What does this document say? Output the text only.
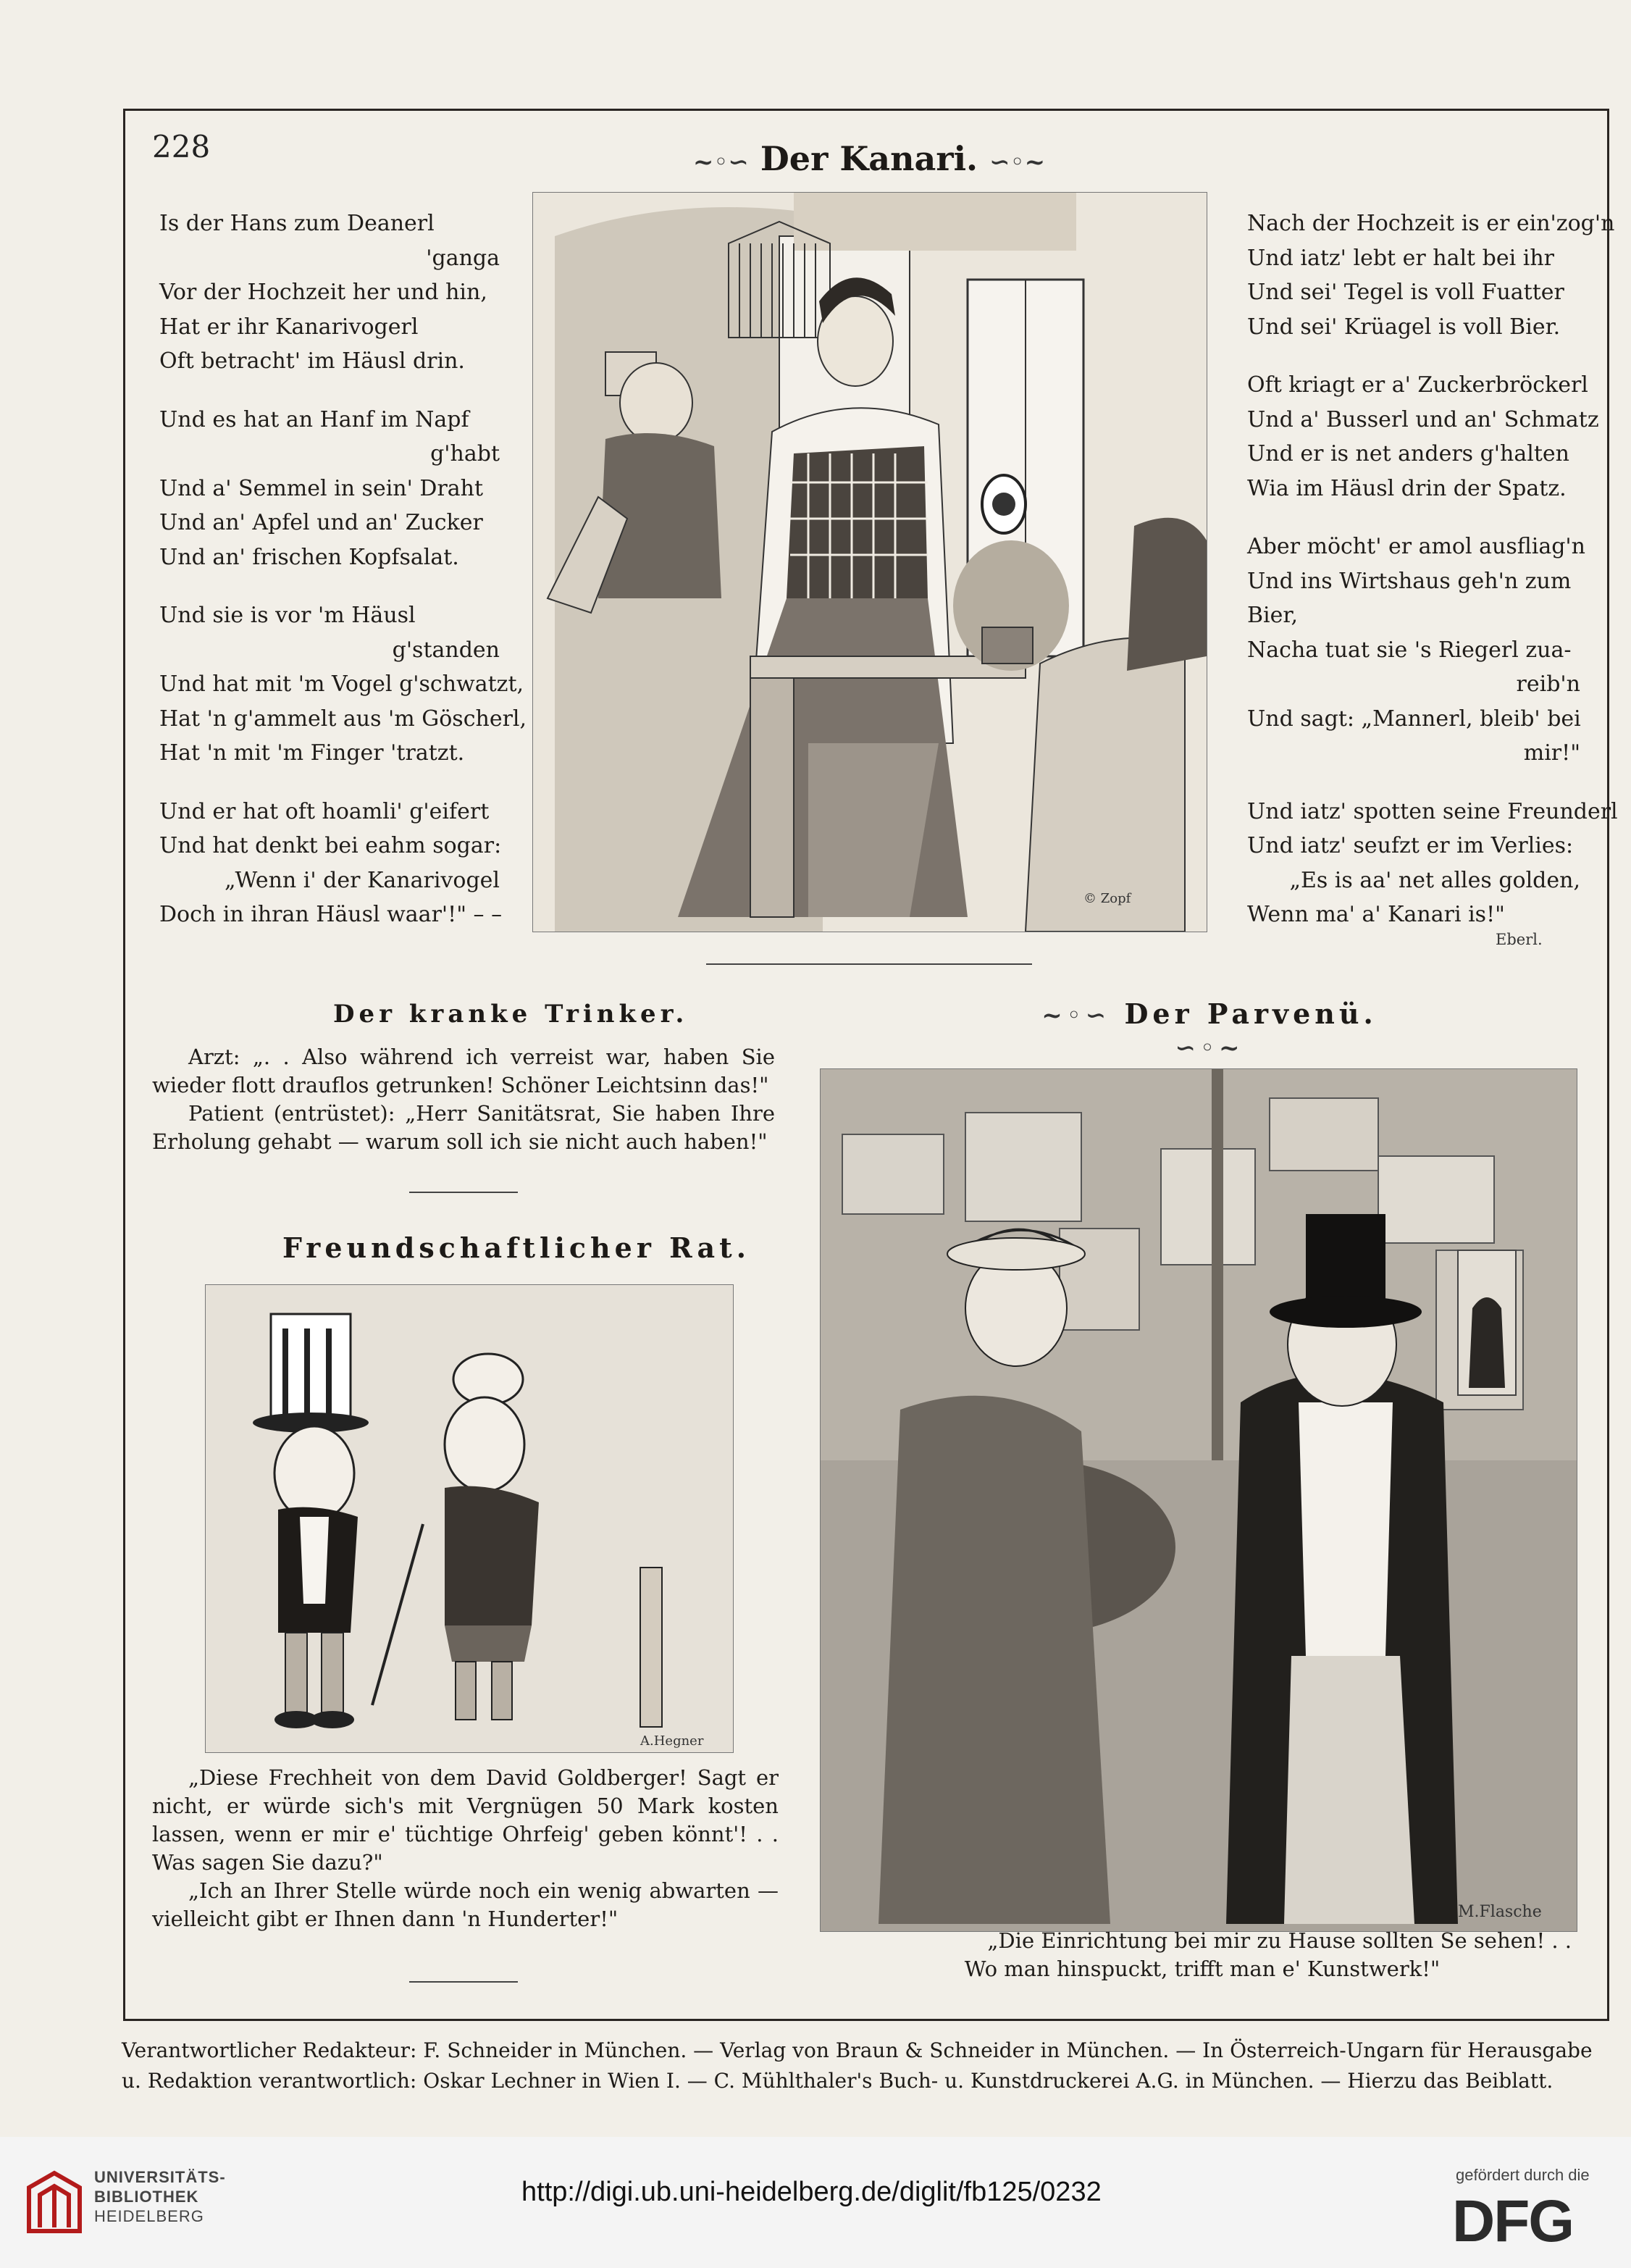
228	~◦∽ Der Kanari. ∽◦~
Is der Hans zum Deanerl
'ganga
Vor der Hochzeit her und hin,
Hat er ihr Kanarivogerl
Oft betracht' im Häusl drin.
Und es hat an Hanf im Napf
g'habt
Und a' Semmel in sein' Draht
Und an' Apfel und an' Zucker
Und an' frischen Kopfsalat.
Und sie is vor 'm Häusl
g'standen
Und hat mit 'm Vogel g'schwatzt,
Hat 'n g'ammelt aus 'm Göscherl,
Hat 'n mit 'm Finger 'tratzt.
Und er hat oft hoamli' g'eifert
Und hat denkt bei eahm sogar:
„Wenn i' der Kanarivogel
Doch in ihran Häusl waar'!" – –
Nach der Hochzeit is er ein'zog'n
Und iatz' lebt er halt bei ihr
Und sei' Tegel is voll Fuatter
Und sei' Krüagel is voll Bier.
Oft kriagt er a' Zuckerbröckerl
Und a' Busserl und an' Schmatz
Und er is net anders g'halten
Wia im Häusl drin der Spatz.
Aber möcht' er amol ausfliag'n
Und ins Wirtshaus geh'n zum
Bier,
Nacha tuat sie 's Riegerl zua-
reib'n
Und sagt: „Mannerl, bleib' bei
mir!"
Und iatz' spotten seine Freunderl
Und iatz' seufzt er im Verlies:
„Es is aa' net alles golden,
Wenn ma' a' Kanari is!"
Eberl.
© Zopf
Der kranke Trinker.

Arzt: „. . Also während ich verreist war, haben Sie wieder flott drauflos getrunken! Schöner Leichtsinn das!"

Patient (entrüstet): „Herr Sanitätsrat, Sie haben Ihre Erholung gehabt — warum soll ich sie nicht auch haben!"

Freundschaftlicher Rat.
A.Hegner

„Diese Frechheit von dem David Goldberger! Sagt er nicht, er würde sich's mit Vergnügen 50 Mark kosten lassen, wenn er mir e' tüchtige Ohrfeig' geben könnt'! . . Was sagen Sie dazu?"

„Ich an Ihrer Stelle würde noch ein wenig abwarten — vielleicht gibt er Ihnen dann 'n Hunderter!"

~◦∽ Der Parvenü. ∽◦~
M.Flasche
„Die Einrichtung bei mir zu Hause sollten Se sehen! . .
Wo man hinspuckt, trifft man e' Kunstwerk!"
Verantwortlicher Redakteur: F. Schneider in München. — Verlag von Braun & Schneider in München. — In Österreich-Ungarn für Herausgabe
u. Redaktion verantwortlich: Oskar Lechner in Wien I. — C. Mühlthaler's Buch- u. Kunstdruckerei A.G. in München. — Hierzu das Beiblatt.
UNIVERSITÄTS-
BIBLIOTHEK
HEIDELBERG
http://digi.ub.uni-heidelberg.de/diglit/fb125/0232
gefördert durch die
DFG
